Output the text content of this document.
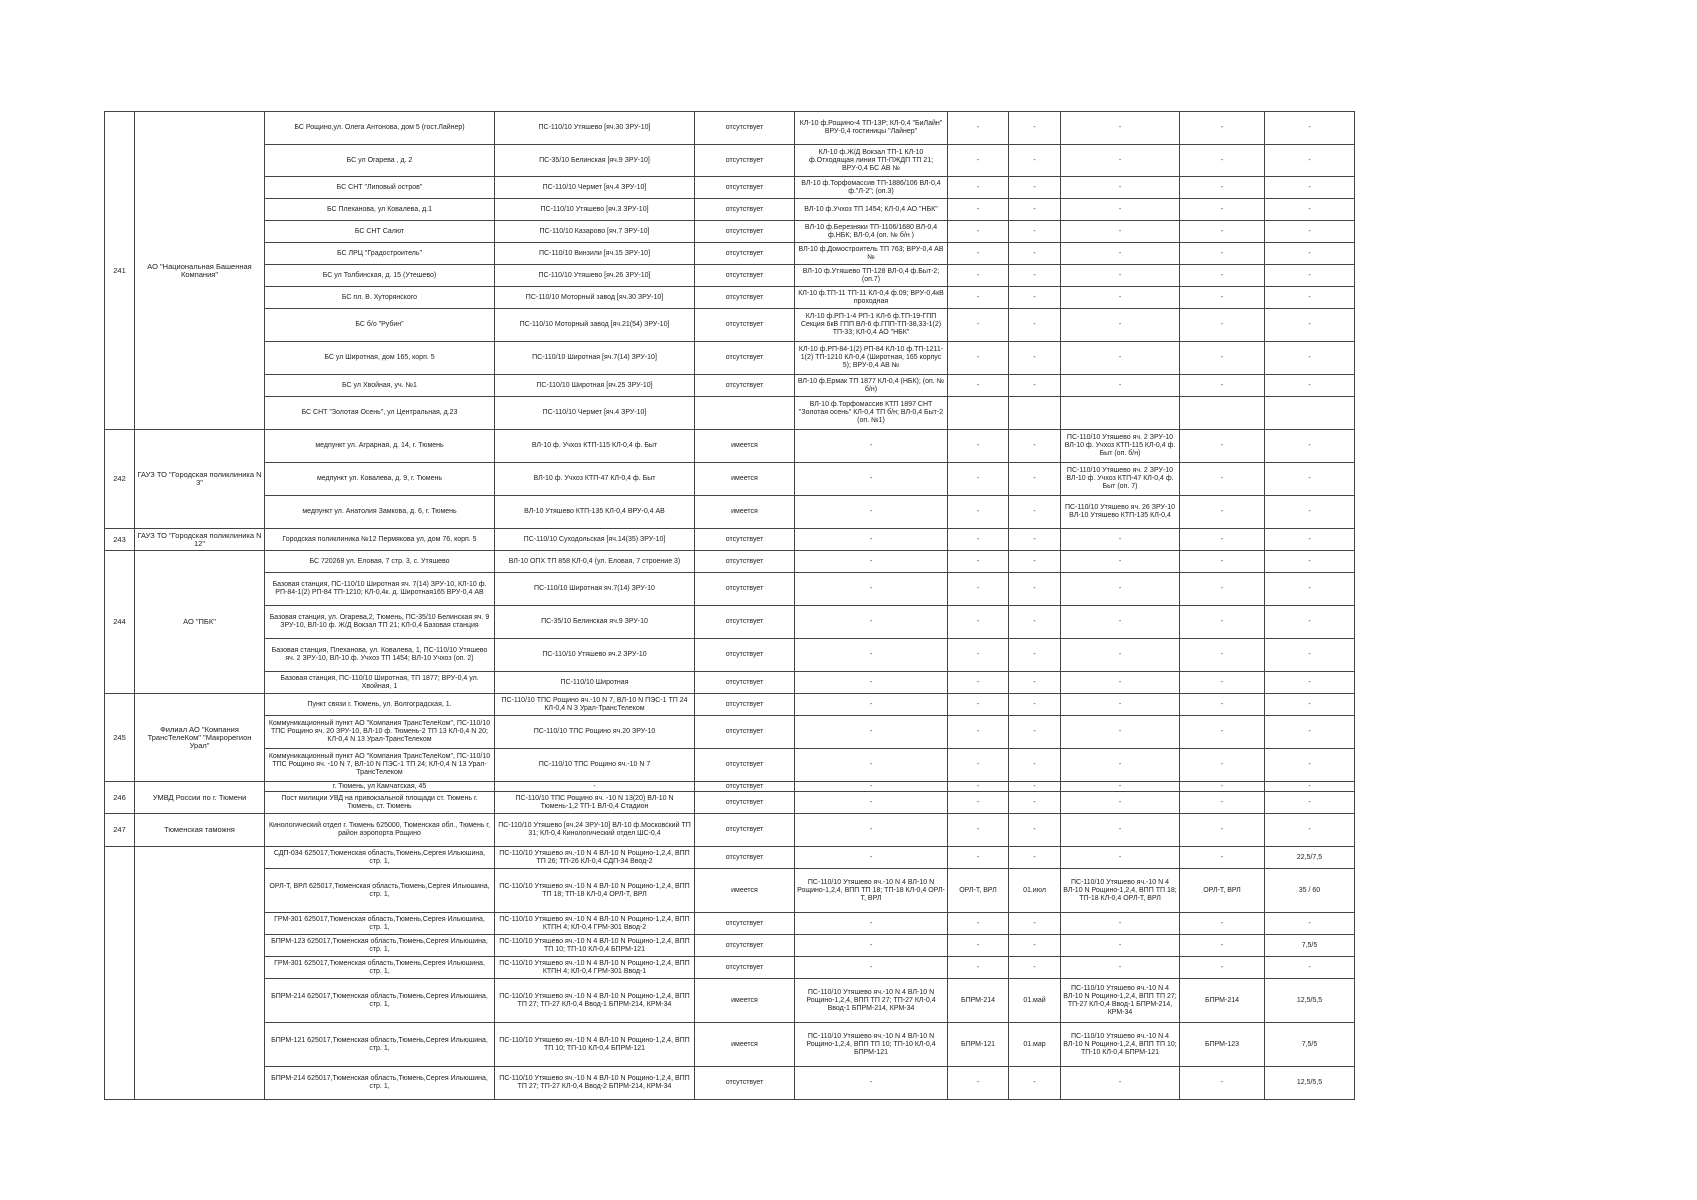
241	АО "Национальная Башенная Компания"	БС Рощино,ул. Олега Антонова, дом 5 (гост.Лайнер)	ПС-110/10 Утяшево [яч.30 ЗРУ-10]	отсутствует	КЛ-10 ф.Рощино-4 ТП-13Р; КЛ-0,4 "БиЛайн" ВРУ-0,4 гостиницы "Лайнер"	-	-	-	-	-
		БС ул Огарева , д. 2	ПС-35/10 Белинская [яч.9 ЗРУ-10]	отсутствует	КЛ-10 ф.Ж/Д Вокзал ТП-1 КЛ-10 ф.Отходящая линия ТП-ПЖДП ТП 21; ВРУ-0,4 БС АВ №	-	-	-	-	-
		БС СНТ "Липовый остров"	ПС-110/10 Чермет [яч.4 ЗРУ-10]	отсутствует	ВЛ-10 ф.Торфомассив ТП-1886/106 ВЛ-0,4 ф."Л-2"; (оп.3)	-	-	-	-	-
		БС Плеханова, ул Ковалева, д.1	ПС-110/10 Утяшево [яч.3 ЗРУ-10]	отсутствует	ВЛ-10 ф.Учхоз ТП 1454; КЛ-0,4 АО "НБК"	-	-	-	-	-
		БС СНТ Салют	ПС-110/10 Казарово [яч.7 ЗРУ-10]	отсутствует	ВЛ-10 ф.Березняки ТП-1106/1680 ВЛ-0,4 ф.НБК; ВЛ-0,4 (оп. № б/н )	-	-	-	-	-
		БС ЛРЦ "Градостроитель"	ПС-110/10 Винзили [яч.15 ЗРУ-10]	отсутствует	ВЛ-10 ф.Домостроитель ТП 763; ВРУ-0,4 АВ №	-	-	-	-	-
		БС ул Толбинская, д. 15 (Утешево)	ПС-110/10 Утяшево [яч.26 ЗРУ-10]	отсутствует	ВЛ-10 ф.Утяшево ТП-128 ВЛ-0,4 ф.Быт-2; (оп.7)	-	-	-	-	-
		БС пл. В. Хуторянского	ПС-110/10 Моторный завод [яч.30 ЗРУ-10]	отсутствует	КЛ-10 ф.ТП-11 ТП-11 КЛ-0,4 ф.09; ВРУ-0,4кВ проходная	-	-	-	-	-
		БС б/о "Рубин"	ПС-110/10 Моторный завод [яч.21(54) ЗРУ-10]	отсутствует	КЛ-10 ф.РП-1-4 РП-1 КЛ-6 ф.ТП-19-ГПП Секция 6кВ ГПП ВЛ-6 ф.ГПП-ТП-38,33-1(2) ТП-33; КЛ-0,4 АО "НБК"	-	-	-	-	-
		БС ул Широтная, дом 165, корп. 5	ПС-110/10 Широтная [яч.7(14) ЗРУ-10]	отсутствует	КЛ-10 ф.РП-84-1(2) РП-84 КЛ-10 ф.ТП-1211-1(2) ТП-1210 КЛ-0,4 (Широтная, 165 корпус 5); ВРУ-0,4 АВ №	-	-	-	-	-
		БС ул Хвойная, уч. №1	ПС-110/10 Широтная [яч.25 ЗРУ-10]	отсутствует	ВЛ-10 ф.Ермак ТП 1877 КЛ-0,4 (НБК); (оп. № б/н)	-	-	-	-	-
		БС СНТ "Золотая Осень", ул Центральная, д.23	ПС-110/10 Чермет [яч.4 ЗРУ-10]		ВЛ-10 ф.Торфомассив КТП 1897 СНТ "Золотая осень" КЛ-0,4 ТП б/н; ВЛ-0,4 Быт-2 (оп. №1)					
242	ГАУЗ ТО "Городская поликлиника N 3"	медпункт ул. Аграрная, д. 14, г. Тюмень	ВЛ-10 ф. Учхоз КТП-115 КЛ-0,4 ф. Быт	имеется	-	-	-	ПС-110/10 Утяшево яч. 2 ЗРУ-10 ВЛ-10 ф. Учхоз КТП-115 КЛ-0,4 ф. Быт (оп. б/н)	-	-
		медпункт ул. Ковалева, д. 9, г. Тюмень	ВЛ-10 ф. Учхоз КТП-47 КЛ-0,4 ф. Быт	имеется	-	-	-	ПС-110/10 Утяшево яч. 2 ЗРУ-10 ВЛ-10 ф. Учхоз КТП-47 КЛ-0,4 ф. Быт (оп. 7)	-	-
		медпункт ул. Анатолия Замкова, д. 6, г. Тюмень	ВЛ-10 Утяшево КТП-135 КЛ-0,4 ВРУ-0,4 АВ	имеется	-	-	-	ПС-110/10 Утяшево яч. 26 ЗРУ-10 ВЛ-10 Утяшево КТП-135 КЛ-0,4	-	-
243	ГАУЗ ТО "Городская поликлиника N 12"	Городская поликлиника №12 Пермякова ул, дом 76, корп. 5	ПС-110/10 Суходольская [яч.14(35) ЗРУ-10]	отсутствует	-	-	-	-	-	-
244	АО "ПБК"	БС 720268 ул. Еловая, 7 стр. 3, с. Утяшево	ВЛ-10 ОПХ ТП 858 КЛ-0,4 (ул. Еловая, 7 строение 3)	отсутствует	-	-	-	-	-	-
		Базовая станция, ПС-110/10 Широтная яч. 7(14) ЗРУ-10, КЛ-10 ф. РП-84-1(2) РП-84 ТП-1210; КЛ-0,4к. д. Широтная165 ВРУ-0,4 АВ	ПС-110/10 Широтная яч.7(14) ЗРУ-10	отсутствует	-	-	-	-	-	-
		Базовая станция, ул. Огарева,2, Тюмень, ПС-35/10 Белинская яч. 9 ЗРУ-10, ВЛ-10 ф. Ж/Д Вокзал ТП 21; КЛ-0,4 Базовая станция	ПС-35/10 Белинская яч.9 ЗРУ-10	отсутствует	-	-	-	-	-	-
		Базовая станция, Плеханова, ул. Ковалева, 1, ПС-110/10 Утяшево яч. 2 ЗРУ-10, ВЛ-10 ф. Учхоз ТП 1454; ВЛ-10 Учхоз (оп. 2)	ПС-110/10 Утяшево яч.2 ЗРУ-10	отсутствует	-	-	-	-	-	-
		Базовая станция, ПС-110/10 Широтная, ТП 1877; ВРУ-0,4 ул. Хвойная, 1	ПС-110/10 Широтная	отсутствует	-	-	-	-	-	-
245	Филиал АО "Компания ТрансТелеКом" "Макрорегион Урал"	Пункт связи г. Тюмень, ул. Волгоградская, 1.	ПС-110/10 ТПС Рощино яч.-10 N 7, ВЛ-10 N ПЭС-1 ТП 24 КЛ-0,4 N 3 Урал-ТрансТелеком	отсутствует	-	-	-	-	-	-
		Коммуникационный пункт АО "Компания ТрансТелеКом", ПС-110/10 ТПС Рощино яч. 20 ЗРУ-10, ВЛ-10 ф. Тюмень-2 ТП 13 КЛ-0,4 N 20; КЛ-0,4 N 13 Урал-ТрансТелеком	ПС-110/10 ТПС Рощино яч.20 ЗРУ-10	отсутствует	-	-	-	-	-	-
		Коммуникационный пункт АО "Компания ТрансТелеКом", ПС-110/10 ТПС Рощино яч. -10 N 7, ВЛ-10 N ПЭС-1 ТП 24; КЛ-0,4 N 13 Урал-ТрансТелеком	ПС-110/10 ТПС Рощино яч.-10 N 7	отсутствует	-	-	-	-	-	-
246	УМВД России по г. Тюмени	г. Тюмень, ул Камчатская, 45	-	отсутствует	-	-	-	-	-	-
		Пост милиции УВД на привокзальной площади ст. Тюмень г. Тюмень, ст. Тюмень	ПС-110/10 ТПС Рощино яч. -10 N 13(20) ВЛ-10 N Тюмень-1,2 ТП-1 ВЛ-0,4 Стадион	отсутствует	-	-	-	-	-	-
247	Тюменская таможня	Кинологический отдел г. Тюмень 625000, Тюменская обл., Тюмень г, район аэропорта Рощино	ПС-110/10 Утяшево [яч.24 ЗРУ-10] ВЛ-10 ф.Московский ТП 31; КЛ-0,4 Кинологический отдел ШС-0,4	отсутствует	-	-	-	-	-	-
		СДП-034 625017,Тюменская область,Тюмень,Сергея Ильюшина, стр. 1,	ПС-110/10 Утяшево яч.-10 N 4 ВЛ-10 N Рощино-1,2,4, ВПП ТП 26; ТП-26 КЛ-0,4 СДП-34 Ввод-2	отсутствует	-	-	-	-	-	22,5/7,5
		ОРЛ-Т, ВРЛ 625017,Тюменская область,Тюмень,Сергея Ильюшина, стр. 1,	ПС-110/10 Утяшево яч.-10 N 4 ВЛ-10 N Рощино-1,2,4, ВПП ТП 18; ТП-18 КЛ-0,4 ОРЛ-Т, ВРЛ	имеется	ПС-110/10 Утяшево яч.-10 N 4 ВЛ-10 N Рощино-1,2,4, ВПП ТП 18; ТП-18 КЛ-0,4 ОРЛ-Т, ВРЛ	ОРЛ-Т, ВРЛ	01.июл	ПС-110/10 Утяшево яч.-10 N 4 ВЛ-10 N Рощино-1,2,4, ВПП ТП 18; ТП-18 КЛ-0,4 ОРЛ-Т, ВРЛ	ОРЛ-Т, ВРЛ	35 / 60
		ГРМ-301 625017,Тюменская область,Тюмень,Сергея Ильюшина, стр. 1,	ПС-110/10 Утяшево яч.-10 N 4 ВЛ-10 N Рощино-1,2,4, ВПП КТПН 4; КЛ-0,4 ГРМ-301 Ввод-2	отсутствует	-	-	-	-	-	-
		БПРМ-123 625017,Тюменская область,Тюмень,Сергея Ильюшина, стр. 1,	ПС-110/10 Утяшево яч.-10 N 4 ВЛ-10 N Рощино-1,2,4, ВПП ТП 10; ТП-10 КЛ-0,4 БПРМ-121	отсутствует	-	-	-	-	-	7,5/5
		ГРМ-301 625017,Тюменская область,Тюмень,Сергея Ильюшина, стр. 1,	ПС-110/10 Утяшево яч.-10 N 4 ВЛ-10 N Рощино-1,2,4, ВПП КТПН 4; КЛ-0,4 ГРМ-301 Ввод-1	отсутствует	-	-	-	-	-	-
		БПРМ-214 625017,Тюменская область,Тюмень,Сергея Ильюшина, стр. 1,	ПС-110/10 Утяшево яч.-10 N 4 ВЛ-10 N Рощино-1,2,4, ВПП ТП 27; ТП-27 КЛ-0,4 Ввод-1 БПРМ-214, КРМ-34	имеется	ПС-110/10 Утяшево яч.-10 N 4 ВЛ-10 N Рощино-1,2,4, ВПП ТП 27; ТП-27 КЛ-0,4 Ввод-1 БПРМ-214, КРМ-34	БПРМ-214	01.май	ПС-110/10 Утяшево яч.-10 N 4 ВЛ-10 N Рощино-1,2,4, ВПП ТП 27; ТП-27 КЛ-0,4 Ввод-1 БПРМ-214, КРМ-34	БПРМ-214	12,5/5,5
		БПРМ-121 625017,Тюменская область,Тюмень,Сергея Ильюшина, стр. 1,	ПС-110/10 Утяшево яч.-10 N 4 ВЛ-10 N Рощино-1,2,4, ВПП ТП 10; ТП-10 КЛ-0,4 БПРМ-121	имеется	ПС-110/10 Утяшево яч.-10 N 4 ВЛ-10 N Рощино-1,2,4, ВПП ТП 10; ТП-10 КЛ-0,4 БПРМ-121	БПРМ-121	01.мар	ПС-110/10 Утяшево яч.-10 N 4 ВЛ-10 N Рощино-1,2,4, ВПП ТП 10; ТП-10 КЛ-0,4 БПРМ-121	БПРМ-123	7,5/5
		БПРМ-214 625017,Тюменская область,Тюмень,Сергея Ильюшина, стр. 1,	ПС-110/10 Утяшево яч.-10 N 4 ВЛ-10 N Рощино-1,2,4, ВПП ТП 27; ТП-27 КЛ-0,4 Ввод-2 БПРМ-214, КРМ-34	отсутствует	-	-	-	-	-	12,5/5,5
